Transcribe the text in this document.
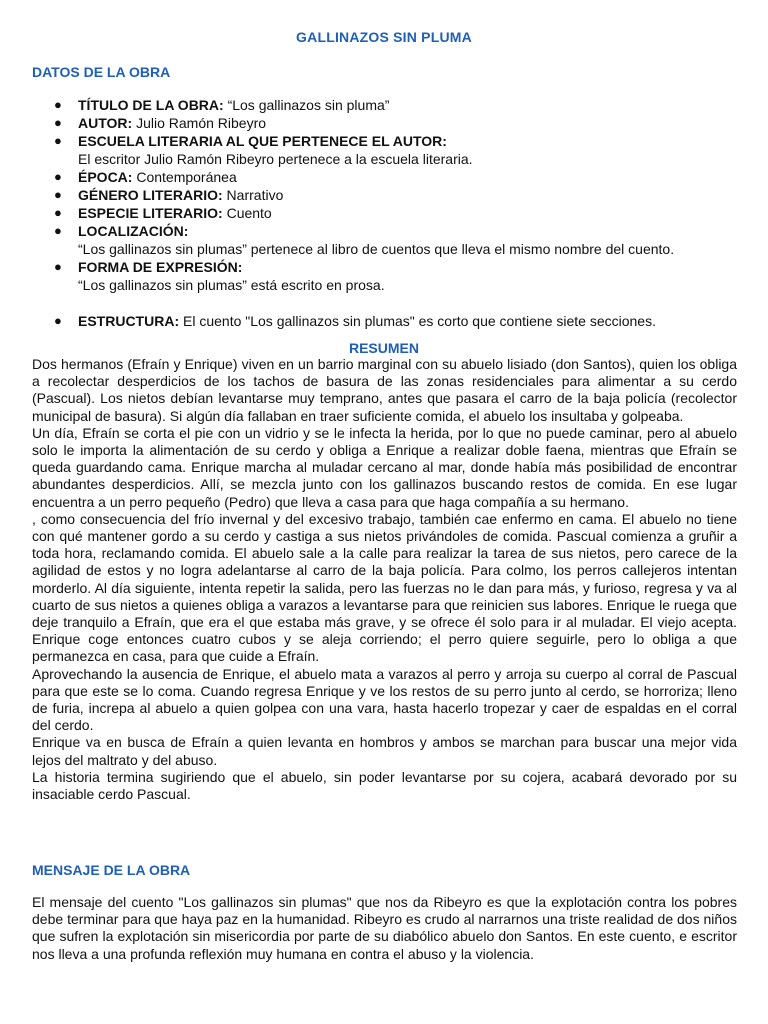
GALLINAZOS SIN PLUMA
DATOS DE LA OBRA
● TÍTULO DE LA OBRA: “Los gallinazos sin pluma”
● AUTOR: Julio Ramón Ribeyro
● ESCUELA LITERARIA AL QUE PERTENECE EL AUTOR:
El escritor Julio Ramón Ribeyro pertenece a la escuela literaria.
● ÉPOCA: Contemporánea
● GÉNERO LITERARIO: Narrativo
● ESPECIE LITERARIO: Cuento
● LOCALIZACIÓN:
“Los gallinazos sin plumas” pertenece al libro de cuentos que lleva el mismo nombre del cuento.
● FORMA DE EXPRESIÓN:
“Los gallinazos sin plumas” está escrito en prosa.
● ESTRUCTURA: El cuento "Los gallinazos sin plumas" es corto que contiene siete secciones.
RESUMEN

Dos hermanos (Efraín y Enrique) viven en un barrio marginal con su abuelo lisiado (don Santos), quien los obliga a recolectar desperdicios de los tachos de basura de las zonas residenciales para alimentar a su cerdo (Pascual). Los nietos debían levantarse muy temprano, antes que pasara el carro de la baja policía (recolector municipal de basura). Si algún día fallaban en traer suficiente comida, el abuelo los insultaba y golpeaba.

Un día, Efraín se corta el pie con un vidrio y se le infecta la herida, por lo que no puede caminar, pero al abuelo solo le importa la alimentación de su cerdo y obliga a Enrique a realizar doble faena, mientras que Efraín se queda guardando cama. Enrique marcha al muladar cercano al mar, donde había más posibilidad de encontrar abundantes desperdicios. Allí, se mezcla junto con los gallinazos buscando restos de comida. En ese lugar encuentra a un perro pequeño (Pedro) que lleva a casa para que haga compañía a su hermano.

, como consecuencia del frío invernal y del excesivo trabajo, también cae enfermo en cama. El abuelo no tiene con qué mantener gordo a su cerdo y castiga a sus nietos privándoles de comida. Pascual comienza a gruñir a toda hora, reclamando comida. El abuelo sale a la calle para realizar la tarea de sus nietos, pero carece de la agilidad de estos y no logra adelantarse al carro de la baja policía. Para colmo, los perros callejeros intentan morderlo. Al día siguiente, intenta repetir la salida, pero las fuerzas no le dan para más, y furioso, regresa y va al cuarto de sus nietos a quienes obliga a varazos a levantarse para que reinicien sus labores. Enrique le ruega que deje tranquilo a Efraín, que era el que estaba más grave, y se ofrece él solo para ir al muladar. El viejo acepta. Enrique coge entonces cuatro cubos y se aleja corriendo; el perro quiere seguirle, pero lo obliga a que permanezca en casa, para que cuide a Efraín.

Aprovechando la ausencia de Enrique, el abuelo mata a varazos al perro y arroja su cuerpo al corral de Pascual para que este se lo coma. Cuando regresa Enrique y ve los restos de su perro junto al cerdo, se horroriza; lleno de furia, increpa al abuelo a quien golpea con una vara, hasta hacerlo tropezar y caer de espaldas en el corral del cerdo.

Enrique va en busca de Efraín a quien levanta en hombros y ambos se marchan para buscar una mejor vida lejos del maltrato y del abuso.

La historia termina sugiriendo que el abuelo, sin poder levantarse por su cojera, acabará devorado por su insaciable cerdo Pascual.

MENSAJE DE LA OBRA

El mensaje del cuento "Los gallinazos sin plumas" que nos da Ribeyro es que la explotación contra los pobres debe terminar para que haya paz en la humanidad. Ribeyro es crudo al narrarnos una triste realidad de dos niños que sufren la explotación sin misericordia por parte de su diabólico abuelo don Santos. En este cuento, e escritor nos lleva a una profunda reflexión muy humana en contra el abuso y la violencia.
